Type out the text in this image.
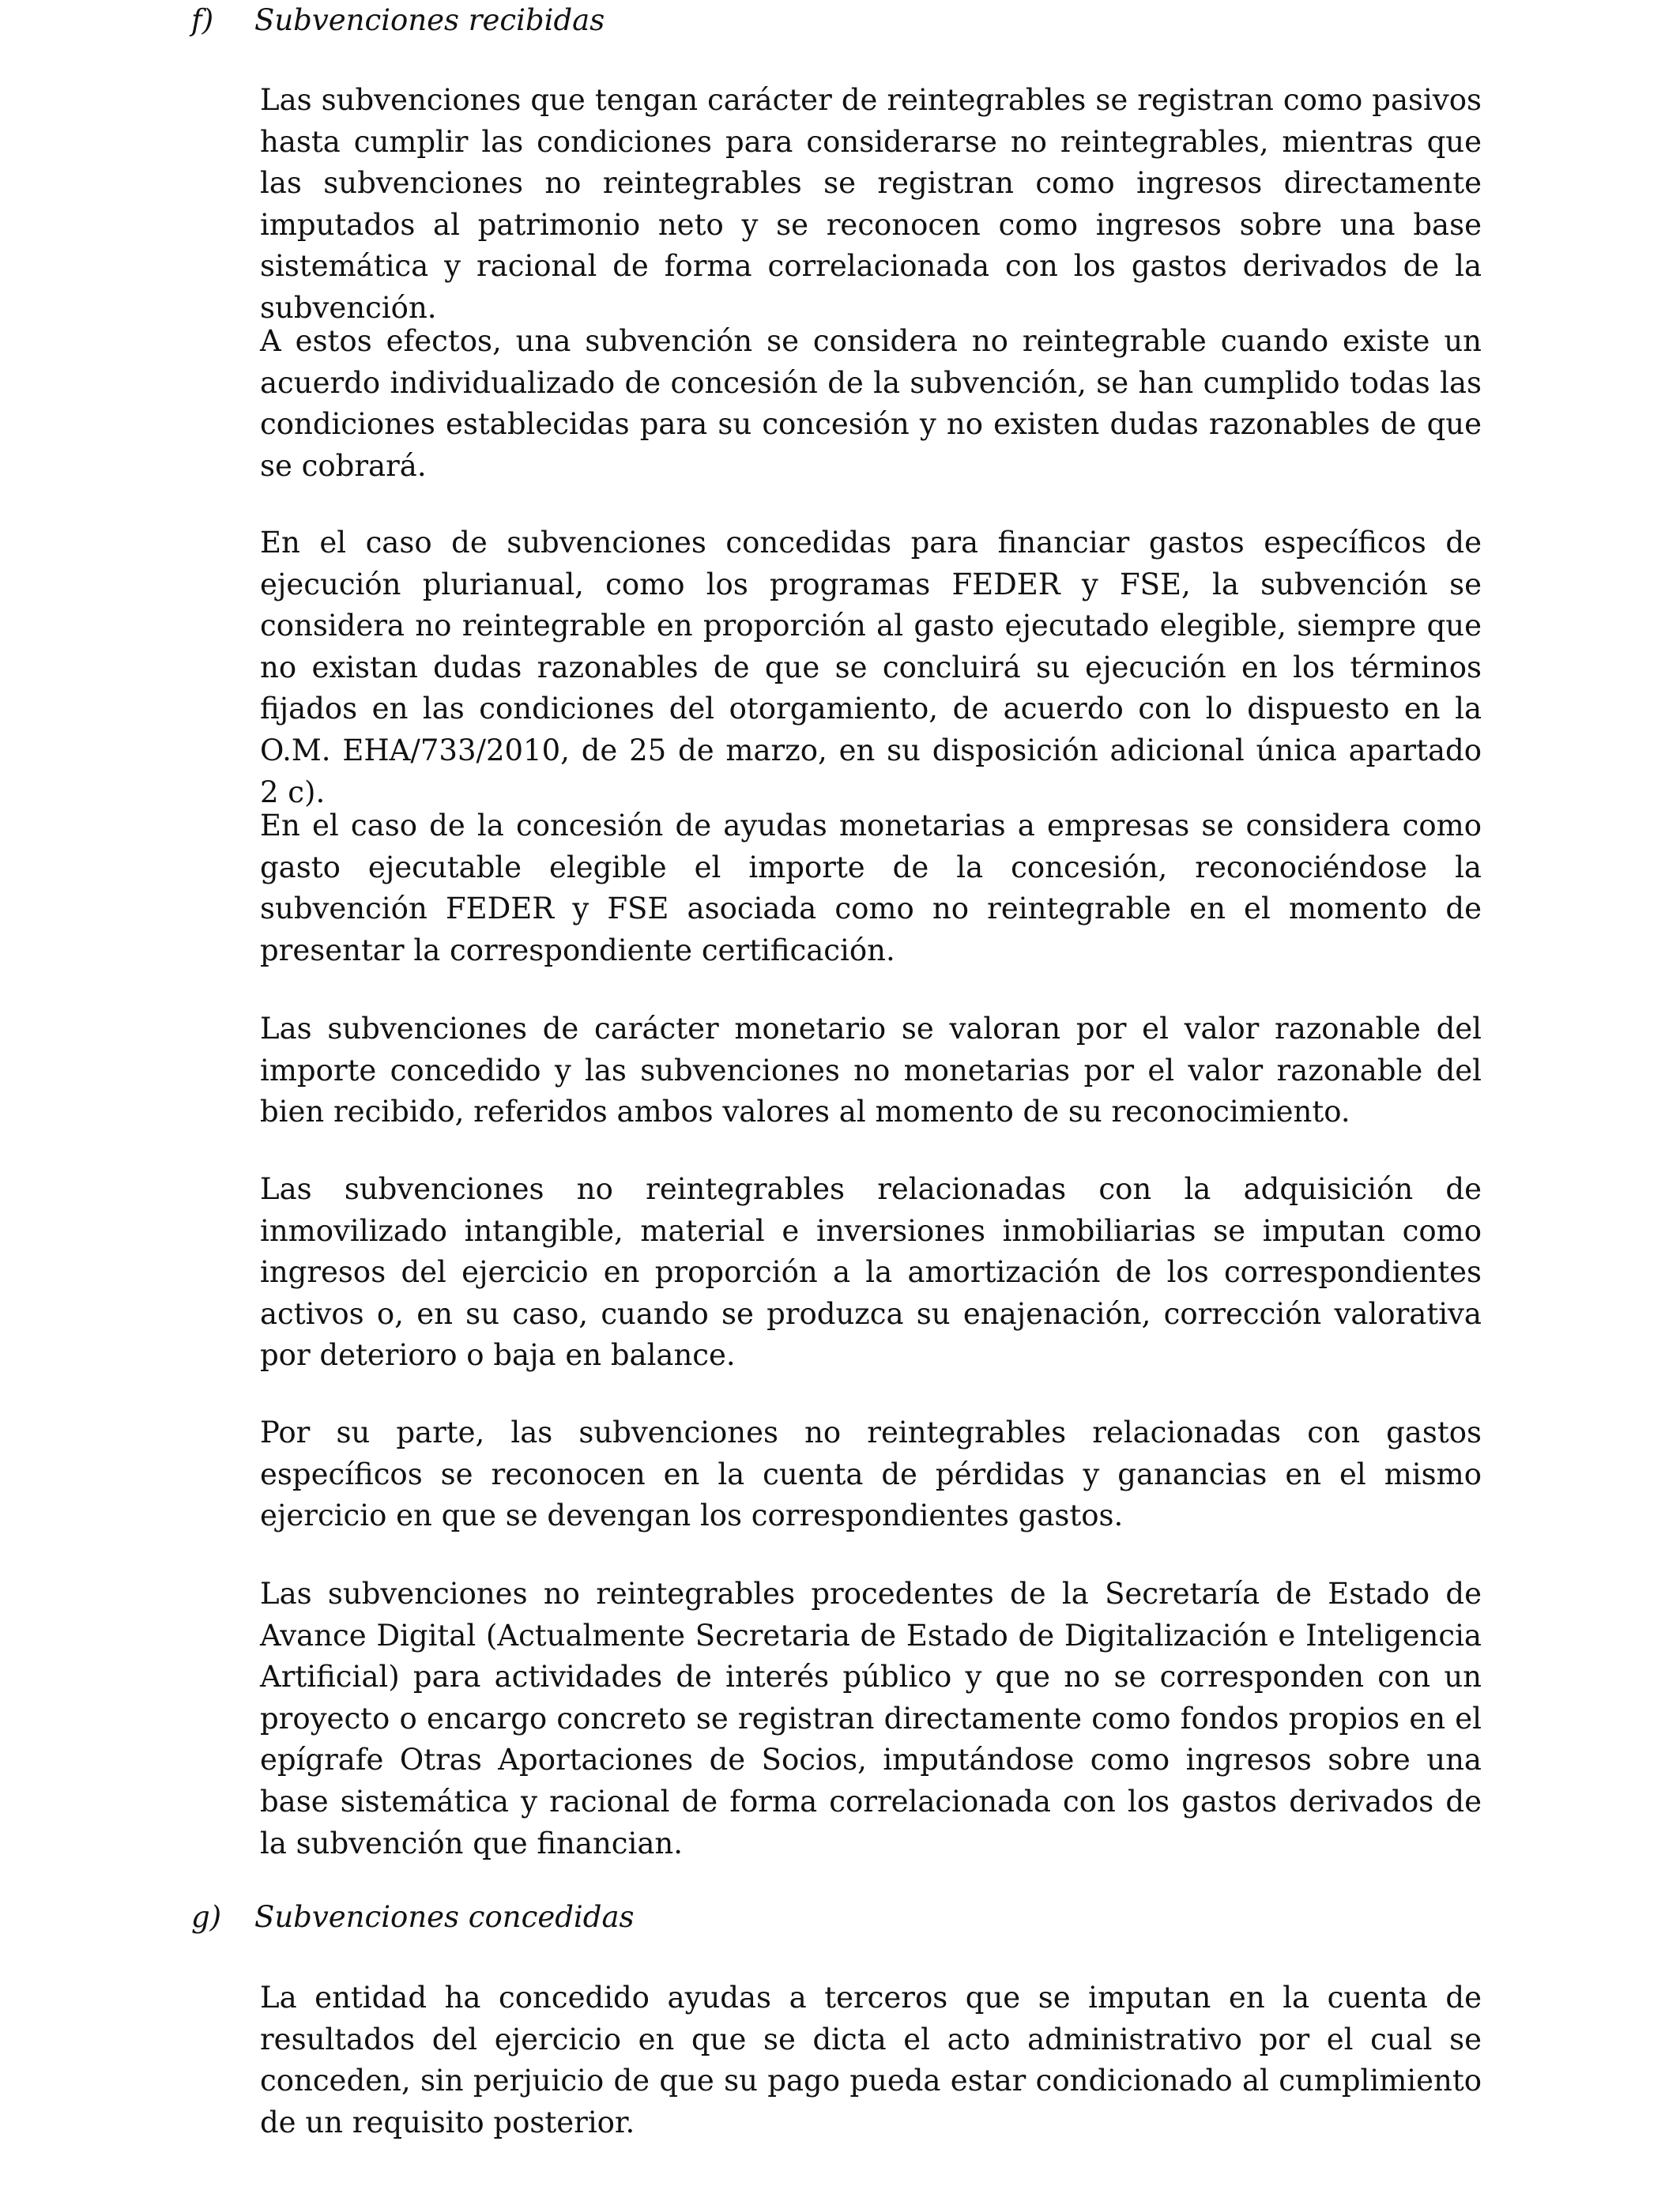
f) Subvenciones recibidas

Las subvenciones que tengan carácter de reintegrables se registran como pasivos hasta cumplir las condiciones para considerarse no reintegrables, mientras que las subvenciones no reintegrables se registran como ingresos directamente imputados al patrimonio neto y se reconocen como ingresos sobre una base sistemática y racional de forma correlacionada con los gastos derivados de la subvención.

A estos efectos, una subvención se considera no reintegrable cuando existe un acuerdo individualizado de concesión de la subvención, se han cumplido todas las condiciones establecidas para su concesión y no existen dudas razonables de que se cobrará.

En el caso de subvenciones concedidas para financiar gastos específicos de ejecución plurianual, como los programas FEDER y FSE, la subvención se considera no reintegrable en proporción al gasto ejecutado elegible, siempre que no existan dudas razonables de que se concluirá su ejecución en los términos fijados en las condiciones del otorgamiento, de acuerdo con lo dispuesto en la O.M. EHA/733/2010, de 25 de marzo, en su disposición adicional única apartado 2 c).

En el caso de la concesión de ayudas monetarias a empresas se considera como gasto ejecutable elegible el importe de la concesión, reconociéndose la subvención FEDER y FSE asociada como no reintegrable en el momento de presentar la correspondiente certificación.

Las subvenciones de carácter monetario se valoran por el valor razonable del importe concedido y las subvenciones no monetarias por el valor razonable del bien recibido, referidos ambos valores al momento de su reconocimiento.

Las subvenciones no reintegrables relacionadas con la adquisición de inmovilizado intangible, material e inversiones inmobiliarias se imputan como ingresos del ejercicio en proporción a la amortización de los correspondientes activos o, en su caso, cuando se produzca su enajenación, corrección valorativa por deterioro o baja en balance.

Por su parte, las subvenciones no reintegrables relacionadas con gastos específicos se reconocen en la cuenta de pérdidas y ganancias en el mismo ejercicio en que se devengan los correspondientes gastos.

Las subvenciones no reintegrables procedentes de la Secretaría de Estado de Avance Digital (Actualmente Secretaria de Estado de Digitalización e Inteligencia Artificial) para actividades de interés público y que no se corresponden con un proyecto o encargo concreto se registran directamente como fondos propios en el epígrafe Otras Aportaciones de Socios, imputándose como ingresos sobre una base sistemática y racional de forma correlacionada con los gastos derivados de la subvención que financian.

g) Subvenciones concedidas

La entidad ha concedido ayudas a terceros que se imputan en la cuenta de resultados del ejercicio en que se dicta el acto administrativo por el cual se conceden, sin perjuicio de que su pago pueda estar condicionado al cumplimiento de un requisito posterior.
